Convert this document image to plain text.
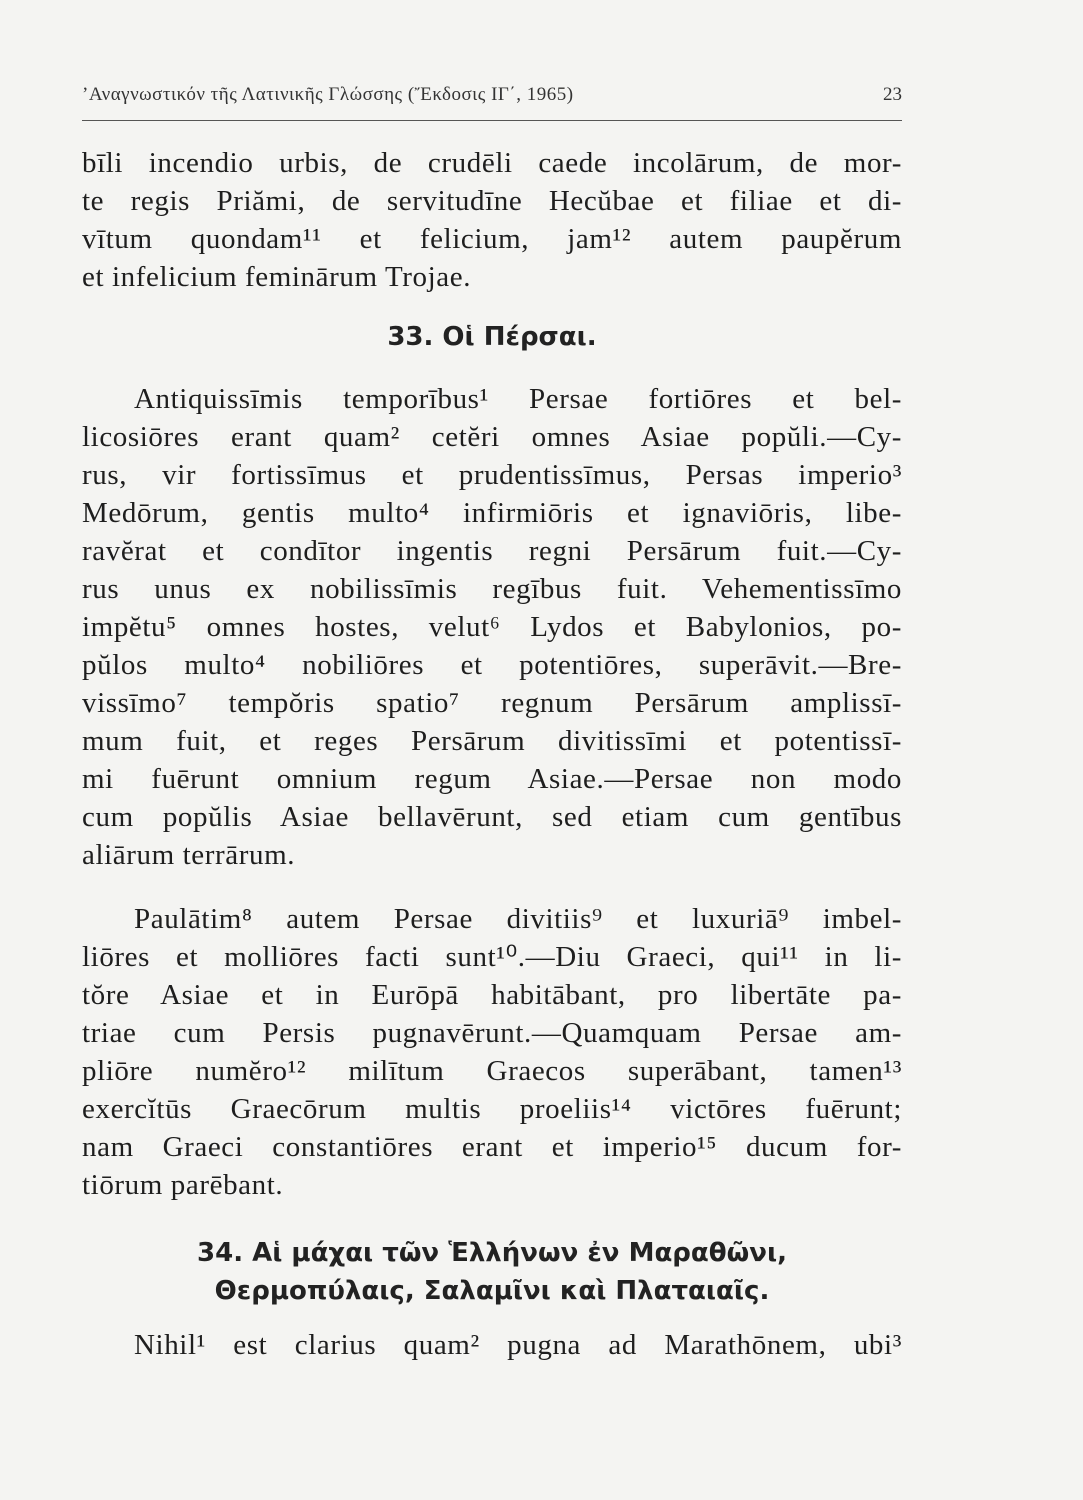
’Αναγνωστικόν τῆς Λατινικῆς Γλώσσης (Ἔκδοσις ΙΓ΄, 1965)	23
bīli incendio urbis, de crudēli caede incolārum, de mor-
te regis Priămi, de servitudīne Hecŭbae et filiae et di-
vītum quondam¹¹ et felicium, jam¹² autem paupĕrum
et infelicium feminārum Trojae.
33. Οἱ Πέρσαι.
Antiquissīmis temporībus¹ Persae fortiōres et bel-
licosiōres erant quam² cetĕri omnes Asiae popŭli.—Cy-
rus, vir fortissīmus et prudentissīmus, Persas imperio³
Medōrum, gentis multo⁴ infirmiōris et ignaviōris, libe-
ravĕrat et condītor ingentis regni Persārum fuit.—Cy-
rus unus ex nobilissīmis regībus fuit. Vehementissīmo
impĕtu⁵ omnes hostes, velut⁶ Lydos et Babylonios, po-
pŭlos multo⁴ nobiliōres et potentiōres, superāvit.—Bre-
vissīmo⁷ tempŏris spatio⁷ regnum Persārum amplissī-
mum fuit, et reges Persārum divitissīmi et potentissī-
mi fuērunt omnium regum Asiae.—Persae non modo
cum popŭlis Asiae bellavērunt, sed etiam cum gentībus
aliārum terrārum.
Paulātim⁸ autem Persae divitiis⁹ et luxuriā⁹ imbel-
liōres et molliōres facti sunt¹⁰.—Diu Graeci, qui¹¹ in li-
tŏre Asiae et in Eurōpā habitābant, pro libertāte pa-
triae cum Persis pugnavērunt.—Quamquam Persae am-
pliōre numĕro¹² milītum Graecos superābant, tamen¹³
exercĭtūs Graecōrum multis proeliis¹⁴ victōres fuērunt;
nam Graeci constantiōres erant et imperio¹⁵ ducum for-
tiōrum parēbant.
34. Αἱ μάχαι τῶν Ἑλλήνων ἐν Μαραθῶνι,
Θερμοπύλαις, Σαλαμῖνι καὶ Πλαταιαῖς.
Nihil¹ est clarius quam² pugna ad Marathōnem, ubi³
